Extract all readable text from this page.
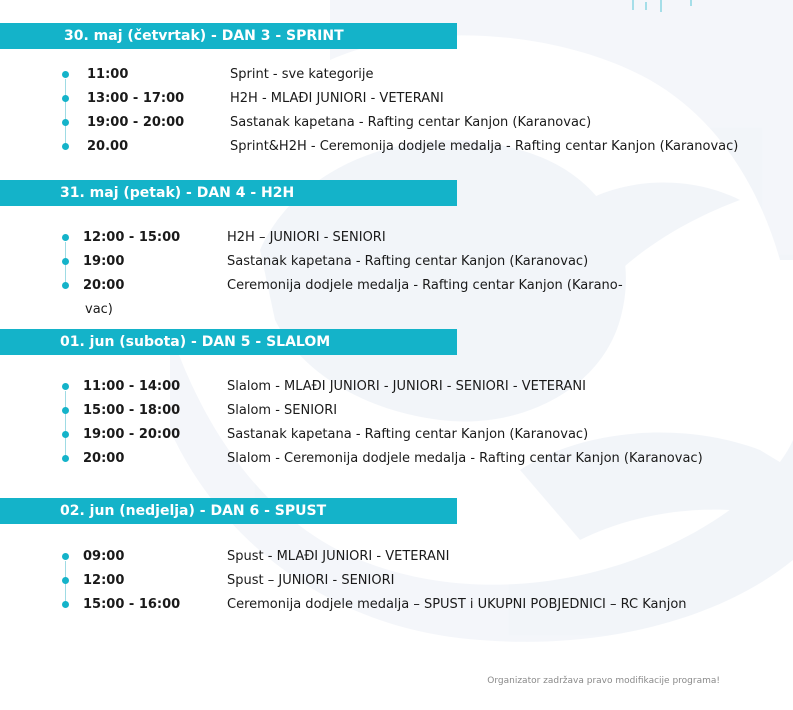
30. maj (četvrtak) - DAN 3 - SPRINT
11:00	Sprint - sve kategorije
13:00 - 17:00	H2H - MLAĐI JUNIORI - VETERANI
19:00 - 20:00	Sastanak kapetana - Rafting centar Kanjon (Karanovac)
20.00	Sprint&H2H - Ceremonija dodjele medalja - Rafting centar Kanjon (Karanovac)
31. maj (petak) - DAN 4 - H2H
12:00 - 15:00	H2H – JUNIORI - SENIORI
19:00	Sastanak kapetana - Rafting centar Kanjon (Karanovac)
20:00	Ceremonija dodjele medalja - Rafting centar Kanjon (Karano-
vac)
01. jun (subota) - DAN 5 - SLALOM
11:00 - 14:00	Slalom - MLAĐI JUNIORI - JUNIORI - SENIORI - VETERANI
15:00 - 18:00	Slalom - SENIORI
19:00 - 20:00	Sastanak kapetana - Rafting centar Kanjon (Karanovac)
20:00	Slalom - Ceremonija dodjele medalja - Rafting centar Kanjon (Karanovac)
02. jun (nedjelja) - DAN 6 - SPUST
09:00	Spust - MLAĐI JUNIORI - VETERANI
12:00	Spust – JUNIORI - SENIORI
15:00 - 16:00	Ceremonija dodjele medalja – SPUST i UKUPNI POBJEDNICI – RC Kanjon
Organizator zadržava pravo modifikacije programa!
